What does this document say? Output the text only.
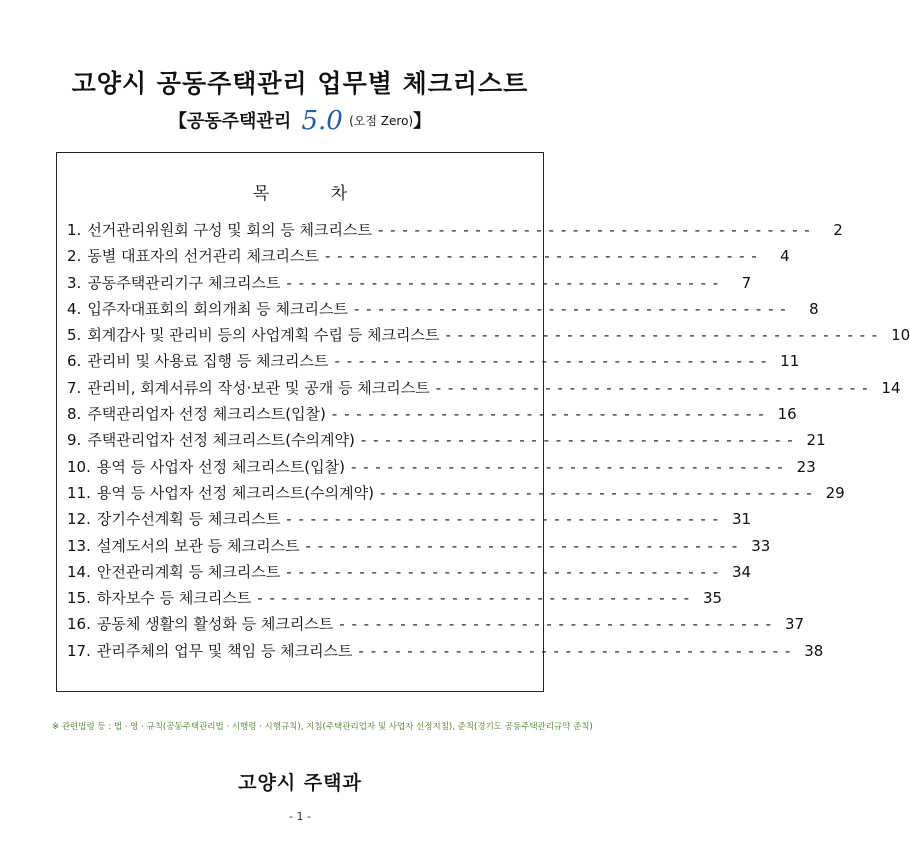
고양시 공동주택관리 업무별 체크리스트
【공동주택관리 5.0 (오점 Zero)】
목 차
1. 선거관리위원회 구성 및 회의 등 체크리스트 - - - - - - - - - - - - - - - - - - - - - - - - - - - - - - - - - - - -	2
2. 동별 대표자의 선거관리 체크리스트 - - - - - - - - - - - - - - - - - - - - - - - - - - - - - - - - - - - -	4
3. 공동주택관리기구 체크리스트 - - - - - - - - - - - - - - - - - - - - - - - - - - - - - - - - - - - -	7
4. 입주자대표회의 회의개최 등 체크리스트 - - - - - - - - - - - - - - - - - - - - - - - - - - - - - - - - - - - -	8
5. 회계감사 및 관리비 등의 사업계획 수립 등 체크리스트 - - - - - - - - - - - - - - - - - - - - - - - - - - - - - - - - - - - - 10
6. 관리비 및 사용료 집행 등 체크리스트 - - - - - - - - - - - - - - - - - - - - - - - - - - - - - - - - - - - - 11
7. 관리비, 회계서류의 작성·보관 및 공개 등 체크리스트 - - - - - - - - - - - - - - - - - - - - - - - - - - - - - - - - - - - - 14
8. 주택관리업자 선정 체크리스트(입찰) - - - - - - - - - - - - - - - - - - - - - - - - - - - - - - - - - - - - 16
9. 주택관리업자 선정 체크리스트(수의계약) - - - - - - - - - - - - - - - - - - - - - - - - - - - - - - - - - - - - 21
10. 용역 등 사업자 선정 체크리스트(입찰) - - - - - - - - - - - - - - - - - - - - - - - - - - - - - - - - - - - - 23
11. 용역 등 사업자 선정 체크리스트(수의계약) - - - - - - - - - - - - - - - - - - - - - - - - - - - - - - - - - - - - 29
12. 장기수선계획 등 체크리스트 - - - - - - - - - - - - - - - - - - - - - - - - - - - - - - - - - - - - 31
13. 설계도서의 보관 등 체크리스트 - - - - - - - - - - - - - - - - - - - - - - - - - - - - - - - - - - - - 33
14. 안전관리계획 등 체크리스트 - - - - - - - - - - - - - - - - - - - - - - - - - - - - - - - - - - - - 34
15. 하자보수 등 체크리스트 - - - - - - - - - - - - - - - - - - - - - - - - - - - - - - - - - - - - 35
16. 공동체 생활의 활성화 등 체크리스트 - - - - - - - - - - - - - - - - - - - - - - - - - - - - - - - - - - - - 37
17. 관리주체의 업무 및 책임 등 체크리스트 - - - - - - - - - - - - - - - - - - - - - - - - - - - - - - - - - - - - 38
※ 관련법령 등 : 법 · 영 · 규칙(공동주택관리법 · 시행령 · 시행규칙), 지침(주택관리업자 및 사업자 선정지침), 준칙(경기도 공동주택관리규약 준칙)
고양시 주택과
- 1 -
